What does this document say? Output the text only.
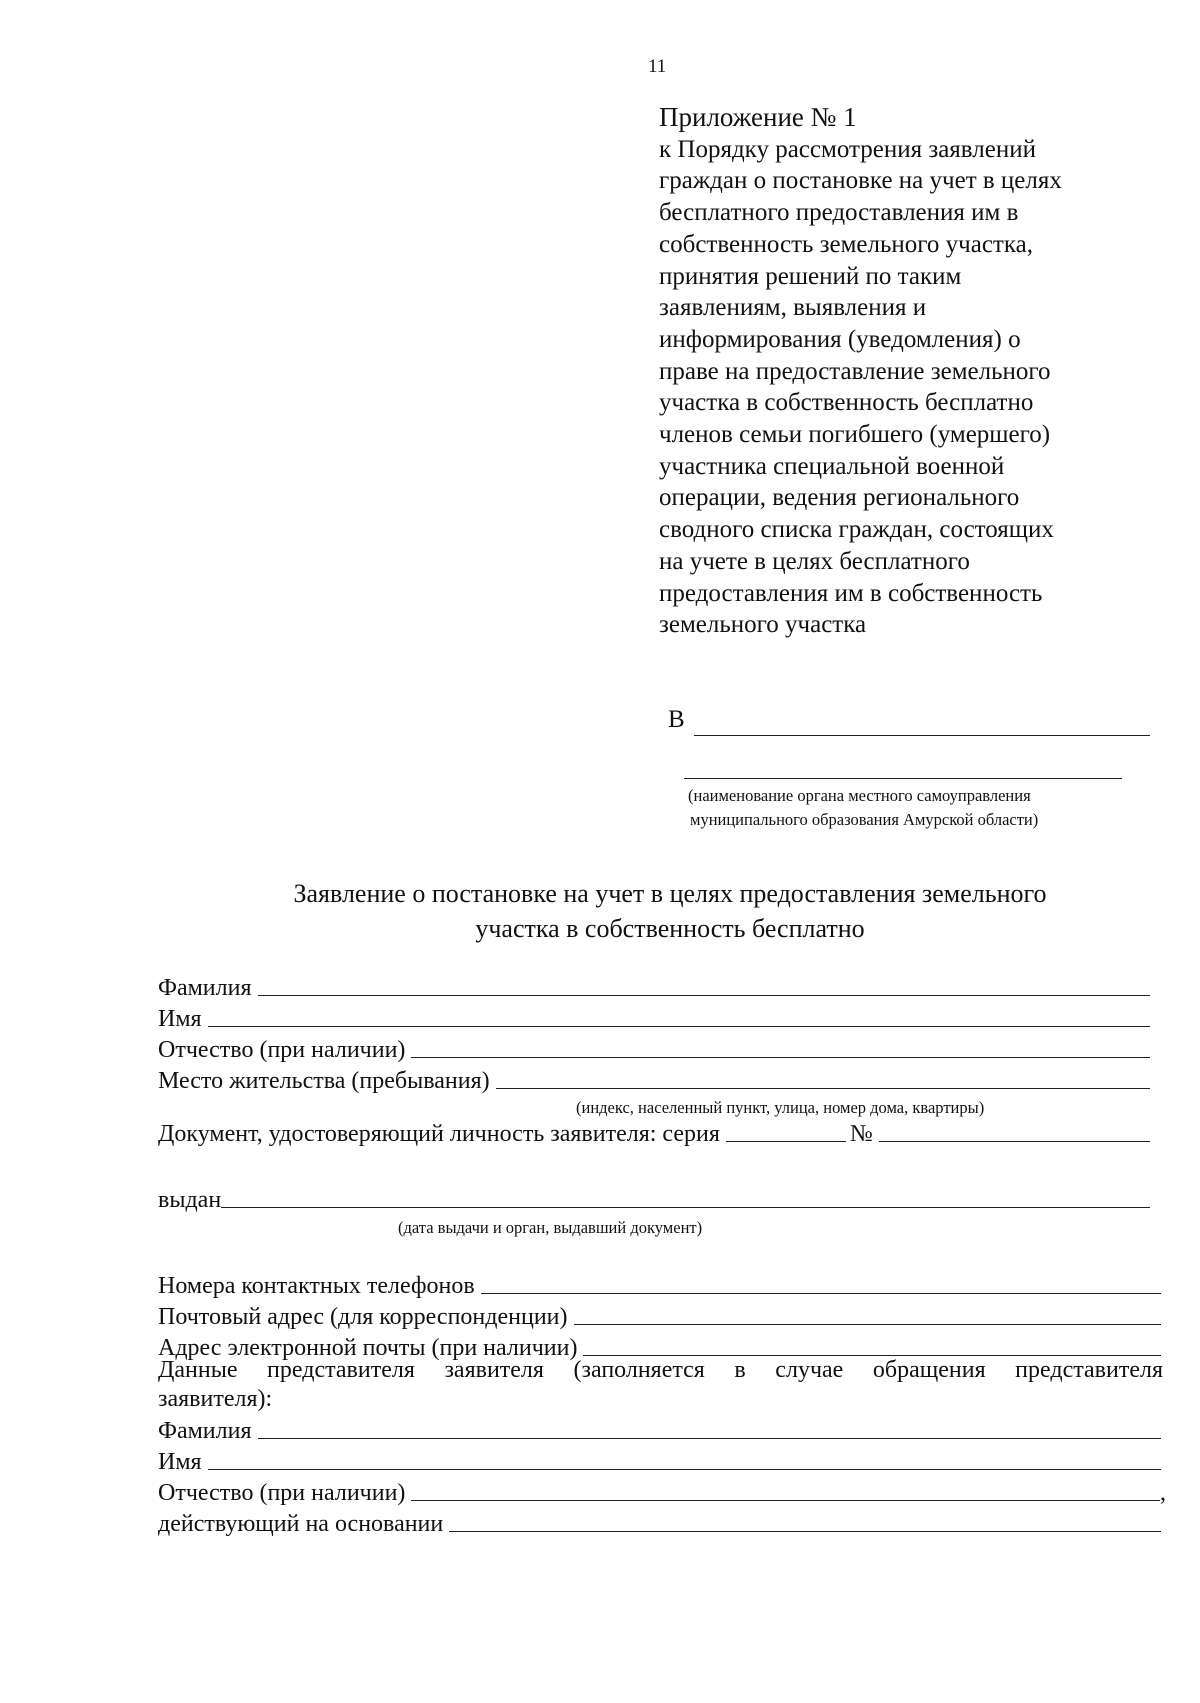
11
Приложение № 1
к Порядку рассмотрения заявлений
граждан о постановке на учет в целях
бесплатного предоставления им в
собственность земельного участка,
принятия решений по таким
заявлениям, выявления и
информирования (уведомления) о
праве на предоставление земельного
участка в собственность бесплатно
членов семьи погибшего (умершего)
участника специальной военной
операции, ведения регионального
сводного списка граждан, состоящих
на учете в целях бесплатного
предоставления им в собственность
земельного участка
В
(наименование органа местного самоуправления
муниципального образования Амурской области)
Заявление о постановке на учет в целях предоставления земельного
участка в собственность бесплатно
Фамилия
Имя
Отчество (при наличии)
Место жительства (пребывания)
(индекс, населенный пункт, улица, номер дома, квартиры)
Документ, удостоверяющий личность заявителя: серия	№
выдан
(дата выдачи и орган, выдавший документ)
Номера контактных телефонов
Почтовый адрес (для корреспонденции)
Адрес электронной почты (при наличии)
Данные представителя заявителя (заполняется в случае обращения представителя
заявителя):
Фамилия
Имя
Отчество (при наличии)	,
действующий на основании
